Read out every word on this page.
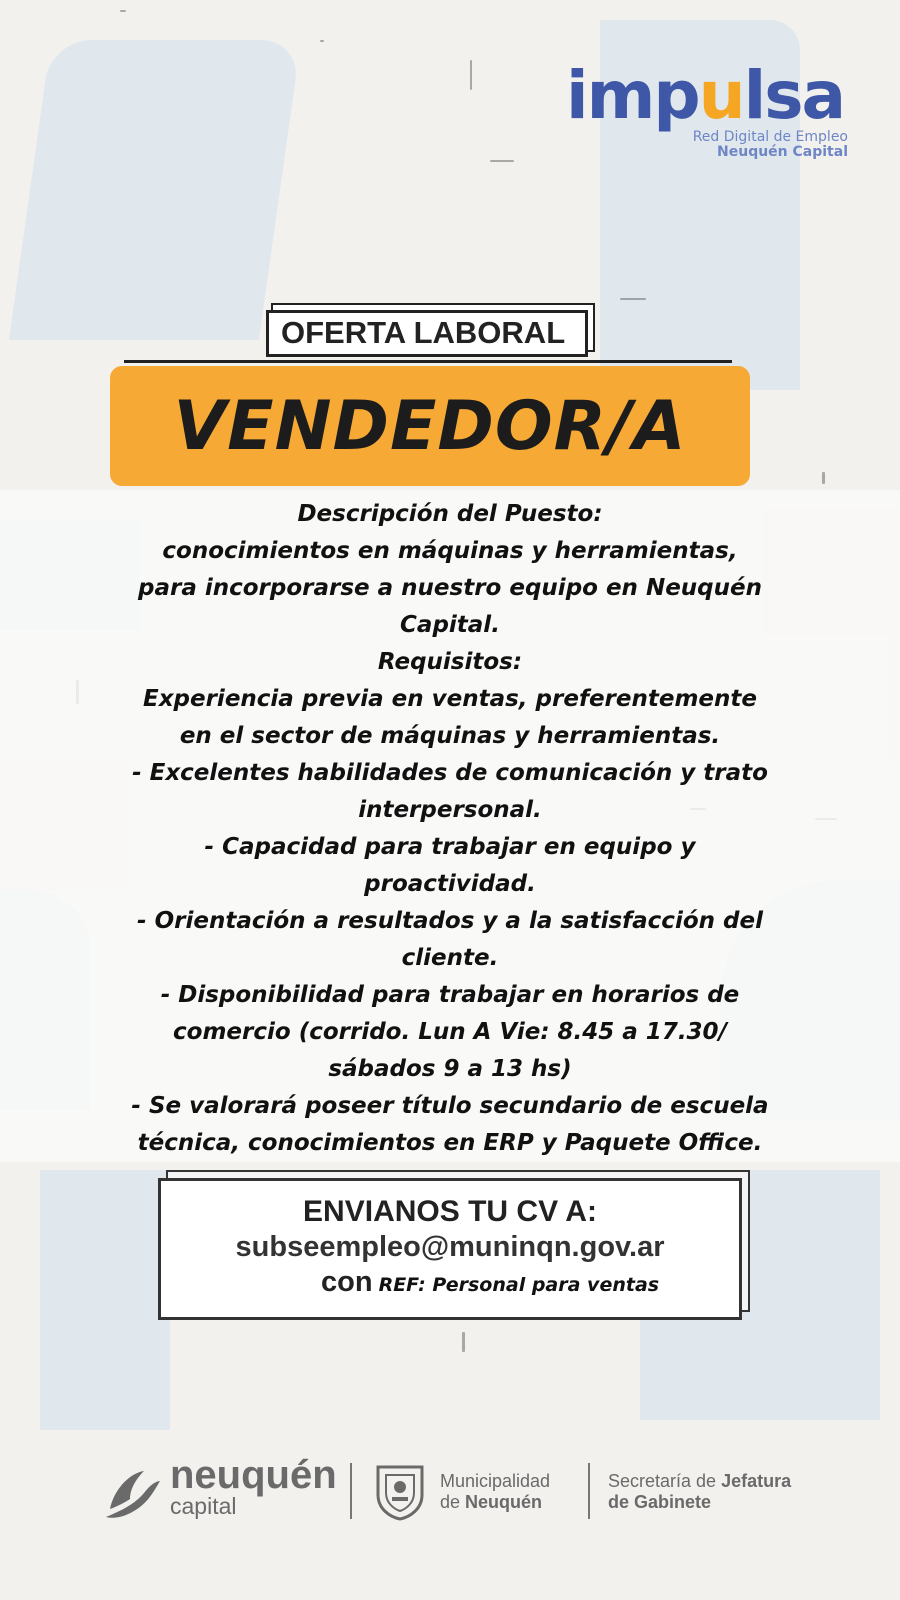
impulsa
Red Digital de Empleo
Neuquén Capital
OFERTA LABORAL
VENDEDOR/A
Descripción del Puesto:
conocimientos en máquinas y herramientas,
para incorporarse a nuestro equipo en Neuquén
Capital.
Requisitos:
Experiencia previa en ventas, preferentemente
en el sector de máquinas y herramientas.
- Excelentes habilidades de comunicación y trato
interpersonal.
- Capacidad para trabajar en equipo y
proactividad.
- Orientación a resultados y a la satisfacción del
cliente.
- Disponibilidad para trabajar en horarios de
comercio (corrido. Lun A Vie: 8.45 a 17.30/
sábados 9 a 13 hs)
- Se valorará poseer título secundario de escuela
técnica, conocimientos en ERP y Paquete Office.
ENVIANOS TU CV A:
subseempleo@muninqn.gov.ar
con REF: Personal para ventas
neuquén
capital
Municipalidad
de Neuquén
Secretaría de Jefatura
de Gabinete
